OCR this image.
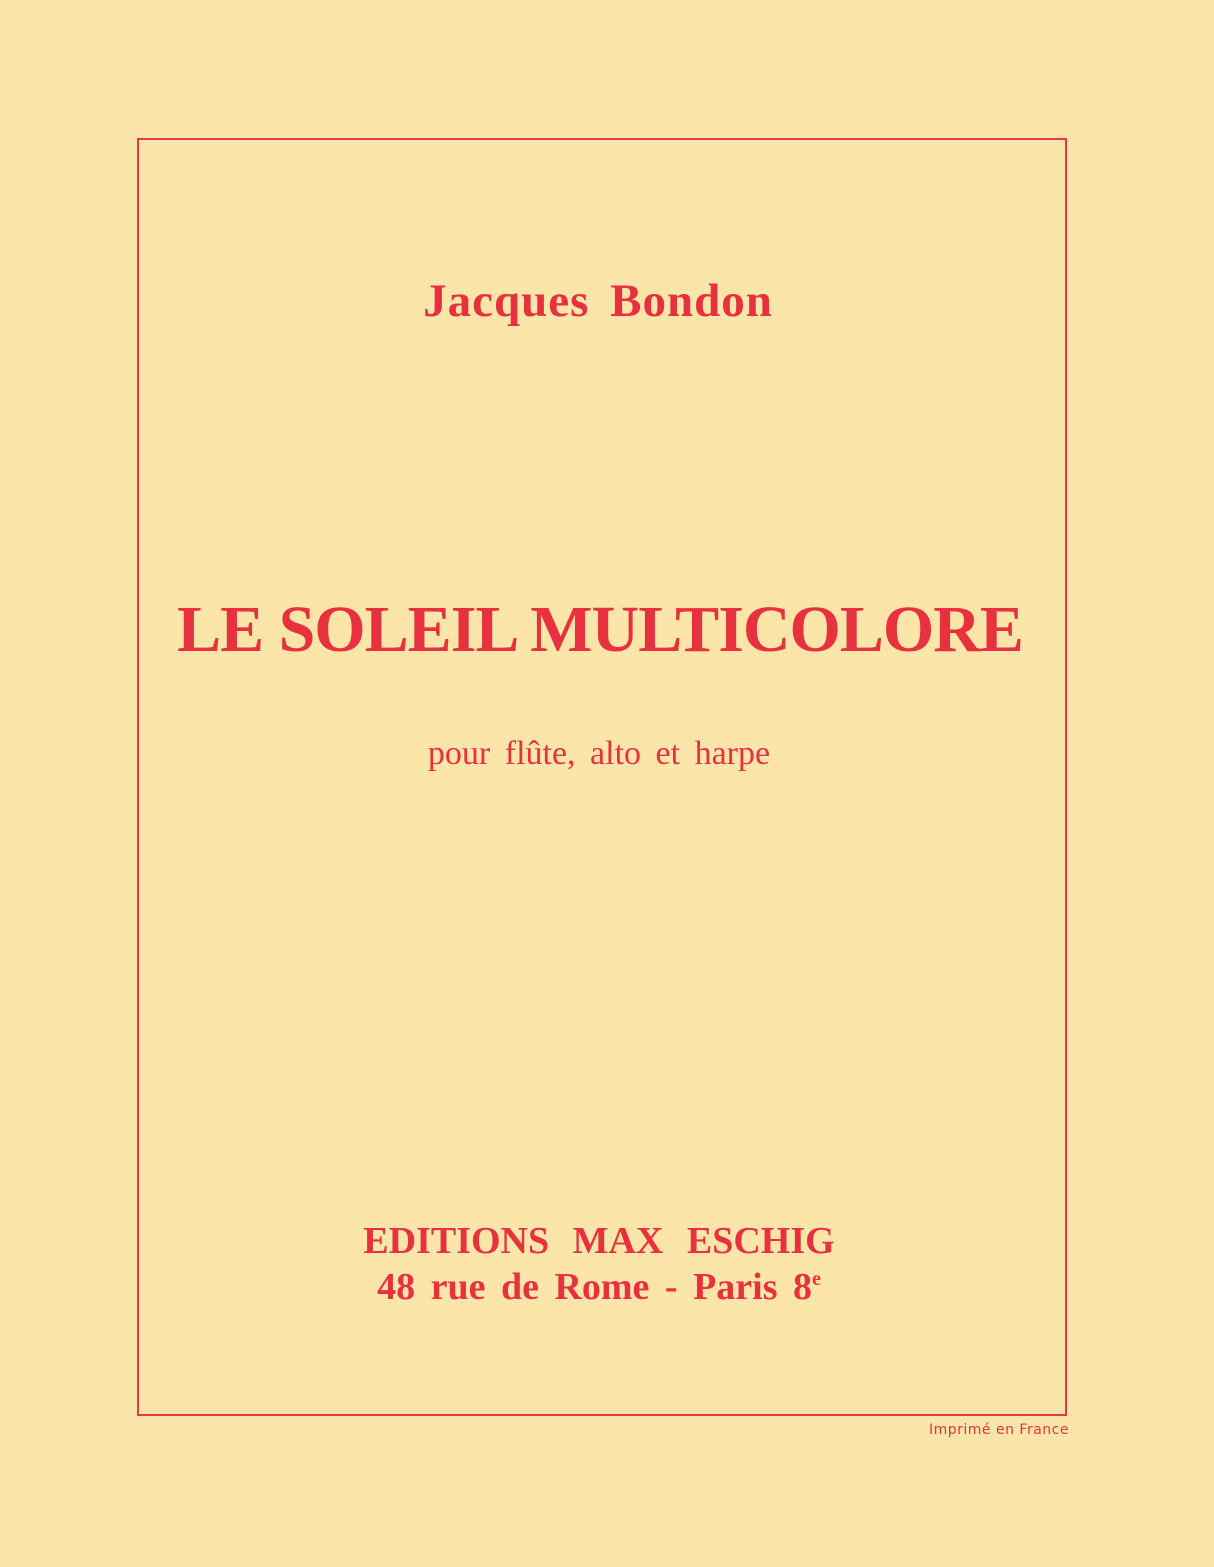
Jacques Bondon
LE SOLEIL MULTICOLORE
pour flûte, alto et harpe
EDITIONS MAX ESCHIG
48 rue de Rome - Paris 8e
Imprimé en France
